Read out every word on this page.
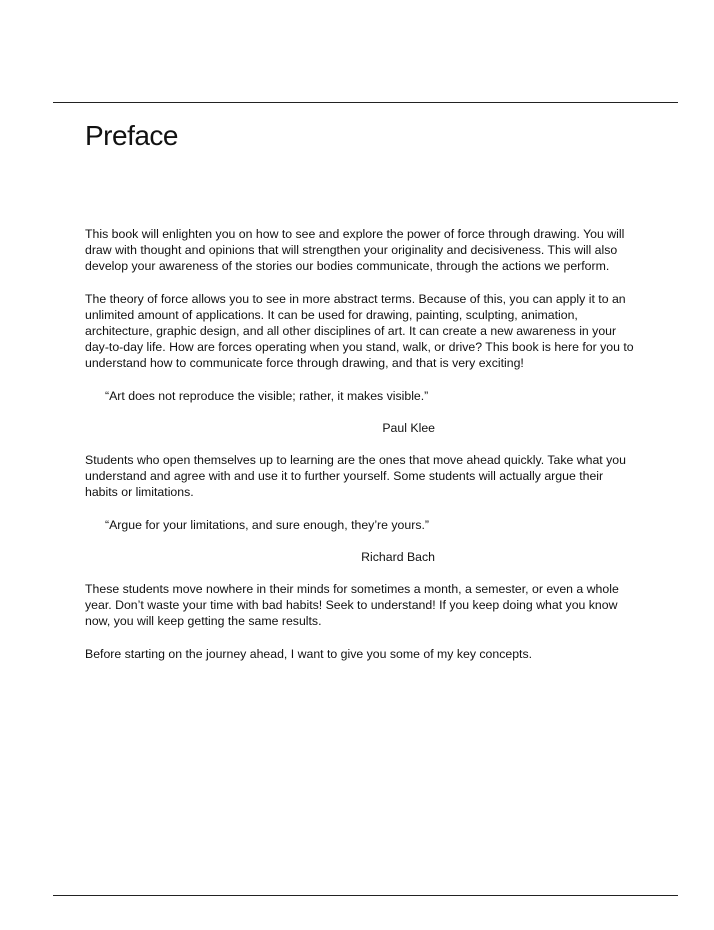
Preface

This book will enlighten you on how to see and explore the power of force through drawing. You will draw with thought and opinions that will strengthen your originality and decisiveness. This will also develop your awareness of the stories our bodies communicate, through the actions we perform.

The theory of force allows you to see in more abstract terms. Because of this, you can apply it to an unlimited amount of applications. It can be used for drawing, painting, sculpting, animation, architecture, graphic design, and all other disciplines of art. It can create a new awareness in your day-to-day life. How are forces operating when you stand, walk, or drive? This book is here for you to understand how to communicate force through drawing, and that is very exciting!

“Art does not reproduce the visible; rather, it makes visible.”

Paul Klee

Students who open themselves up to learning are the ones that move ahead quickly. Take what you understand and agree with and use it to further yourself. Some students will actually argue their habits or limitations.

“Argue for your limitations, and sure enough, they’re yours.”

Richard Bach

These students move nowhere in their minds for sometimes a month, a semester, or even a whole year. Don’t waste your time with bad habits! Seek to understand! If you keep doing what you know now, you will keep getting the same results.

Before starting on the journey ahead, I want to give you some of my key concepts.
